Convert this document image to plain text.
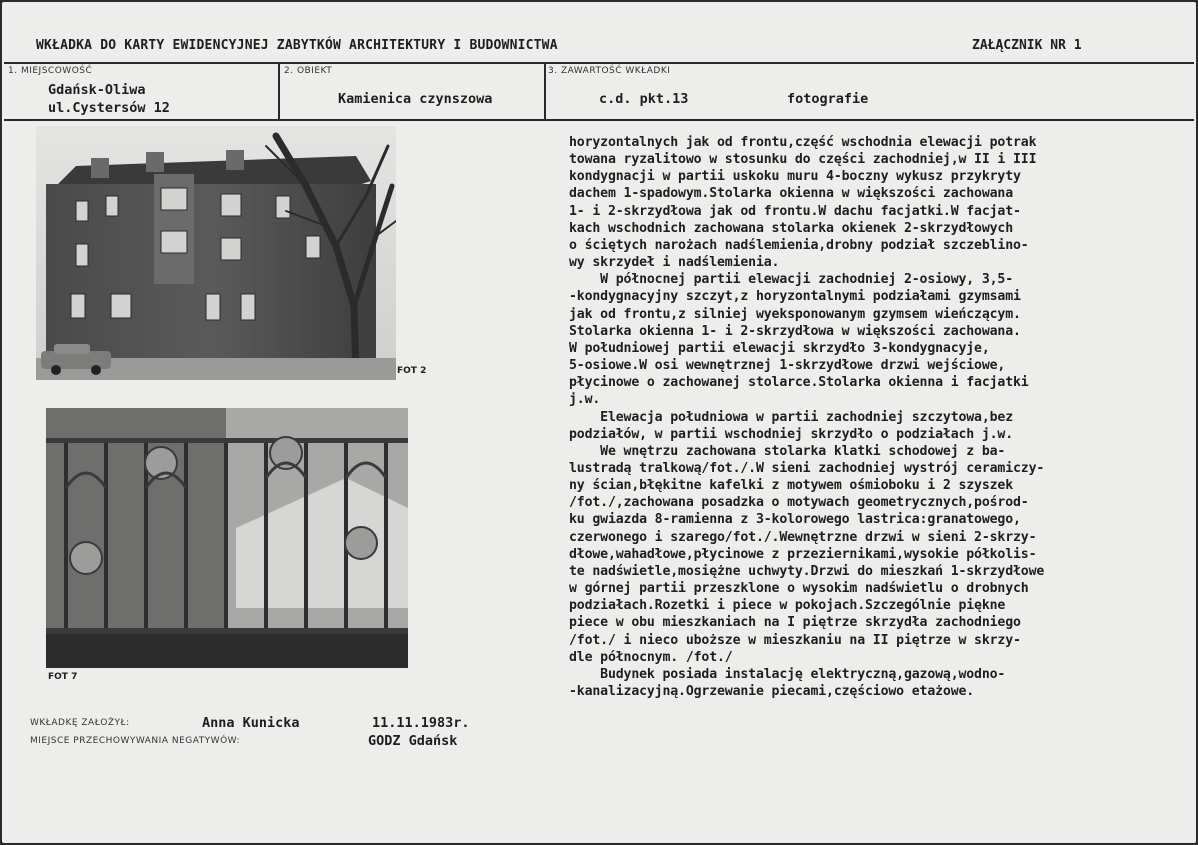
WKŁADKA DO KARTY EWIDENCYJNEJ ZABYTKÓW ARCHITEKTURY I BUDOWNICTWA	ZAŁĄCZNIK NR 1
1. MIEJSCOWOŚĆ
Gdańsk-Oliwa
ul.Cystersów 12
2. OBIEKT
Kamienica czynszowa
3. ZAWARTOŚĆ WKŁADKI
c.d. pkt.13	fotografie
FOT 2
FOT 7
horyzontalnych jak od frontu,część wschodnia elewacji potrak
towana ryzalitowo w stosunku do części zachodniej,w II i III
kondygnacji w partii uskoku muru 4-boczny wykusz przykryty
dachem 1-spadowym.Stolarka okienna w większości zachowana
1- i 2-skrzydłowa jak od frontu.W dachu facjatki.W facjat-
kach wschodnich zachowana stolarka okienek 2-skrzydłowych
o ściętych narożach nadślemienia,drobny podział szczeblino-
wy skrzydeł i nadślemienia.
W północnej partii elewacji zachodniej 2-osiowy, 3,5-
-kondygnacyjny szczyt,z horyzontalnymi podziałami gzymsami
jak od frontu,z silniej wyeksponowanym gzymsem wieńczącym.
Stolarka okienna 1- i 2-skrzydłowa w większości zachowana.
W południowej partii elewacji skrzydło 3-kondygnacyje,
5-osiowe.W osi wewnętrznej 1-skrzydłowe drzwi wejściowe,
płycinowe o zachowanej stolarce.Stolarka okienna i facjatki
j.w.
Elewacja południowa w partii zachodniej szczytowa,bez
podziałów, w partii wschodniej skrzydło o podziałach j.w.
We wnętrzu zachowana stolarka klatki schodowej z ba-
lustradą tralkową/fot./.W sieni zachodniej wystrój ceramiczy-
ny ścian,błękitne kafelki z motywem ośmioboku i 2 szyszek
/fot./,zachowana posadzka o motywach geometrycznych,pośrod-
ku gwiazda 8-ramienna z 3-kolorowego lastrica:granatowego,
czerwonego i szarego/fot./.Wewnętrzne drzwi w sieni 2-skrzy-
dłowe,wahadłowe,płycinowe z przeziernikami,wysokie półkolis-
te nadświetle,mosiężne uchwyty.Drzwi do mieszkań 1-skrzydłowe
w górnej partii przeszklone o wysokim nadświetlu o drobnych
podziałach.Rozetki i piece w pokojach.Szczególnie piękne
piece w obu mieszkaniach na I piętrze skrzydła zachodniego
/fot./ i nieco uboższe w mieszkaniu na II piętrze w skrzy-
dle północnym. /fot./
Budynek posiada instalację elektryczną,gazową,wodno-
-kanalizacyjną.Ogrzewanie piecami,częściowo etażowe.
WKŁADKĘ ZAŁOŻYŁ:	Anna Kunicka	11.11.1983r.
MIEJSCE PRZECHOWYWANIA NEGATYWÓW:	GODZ Gdańsk
